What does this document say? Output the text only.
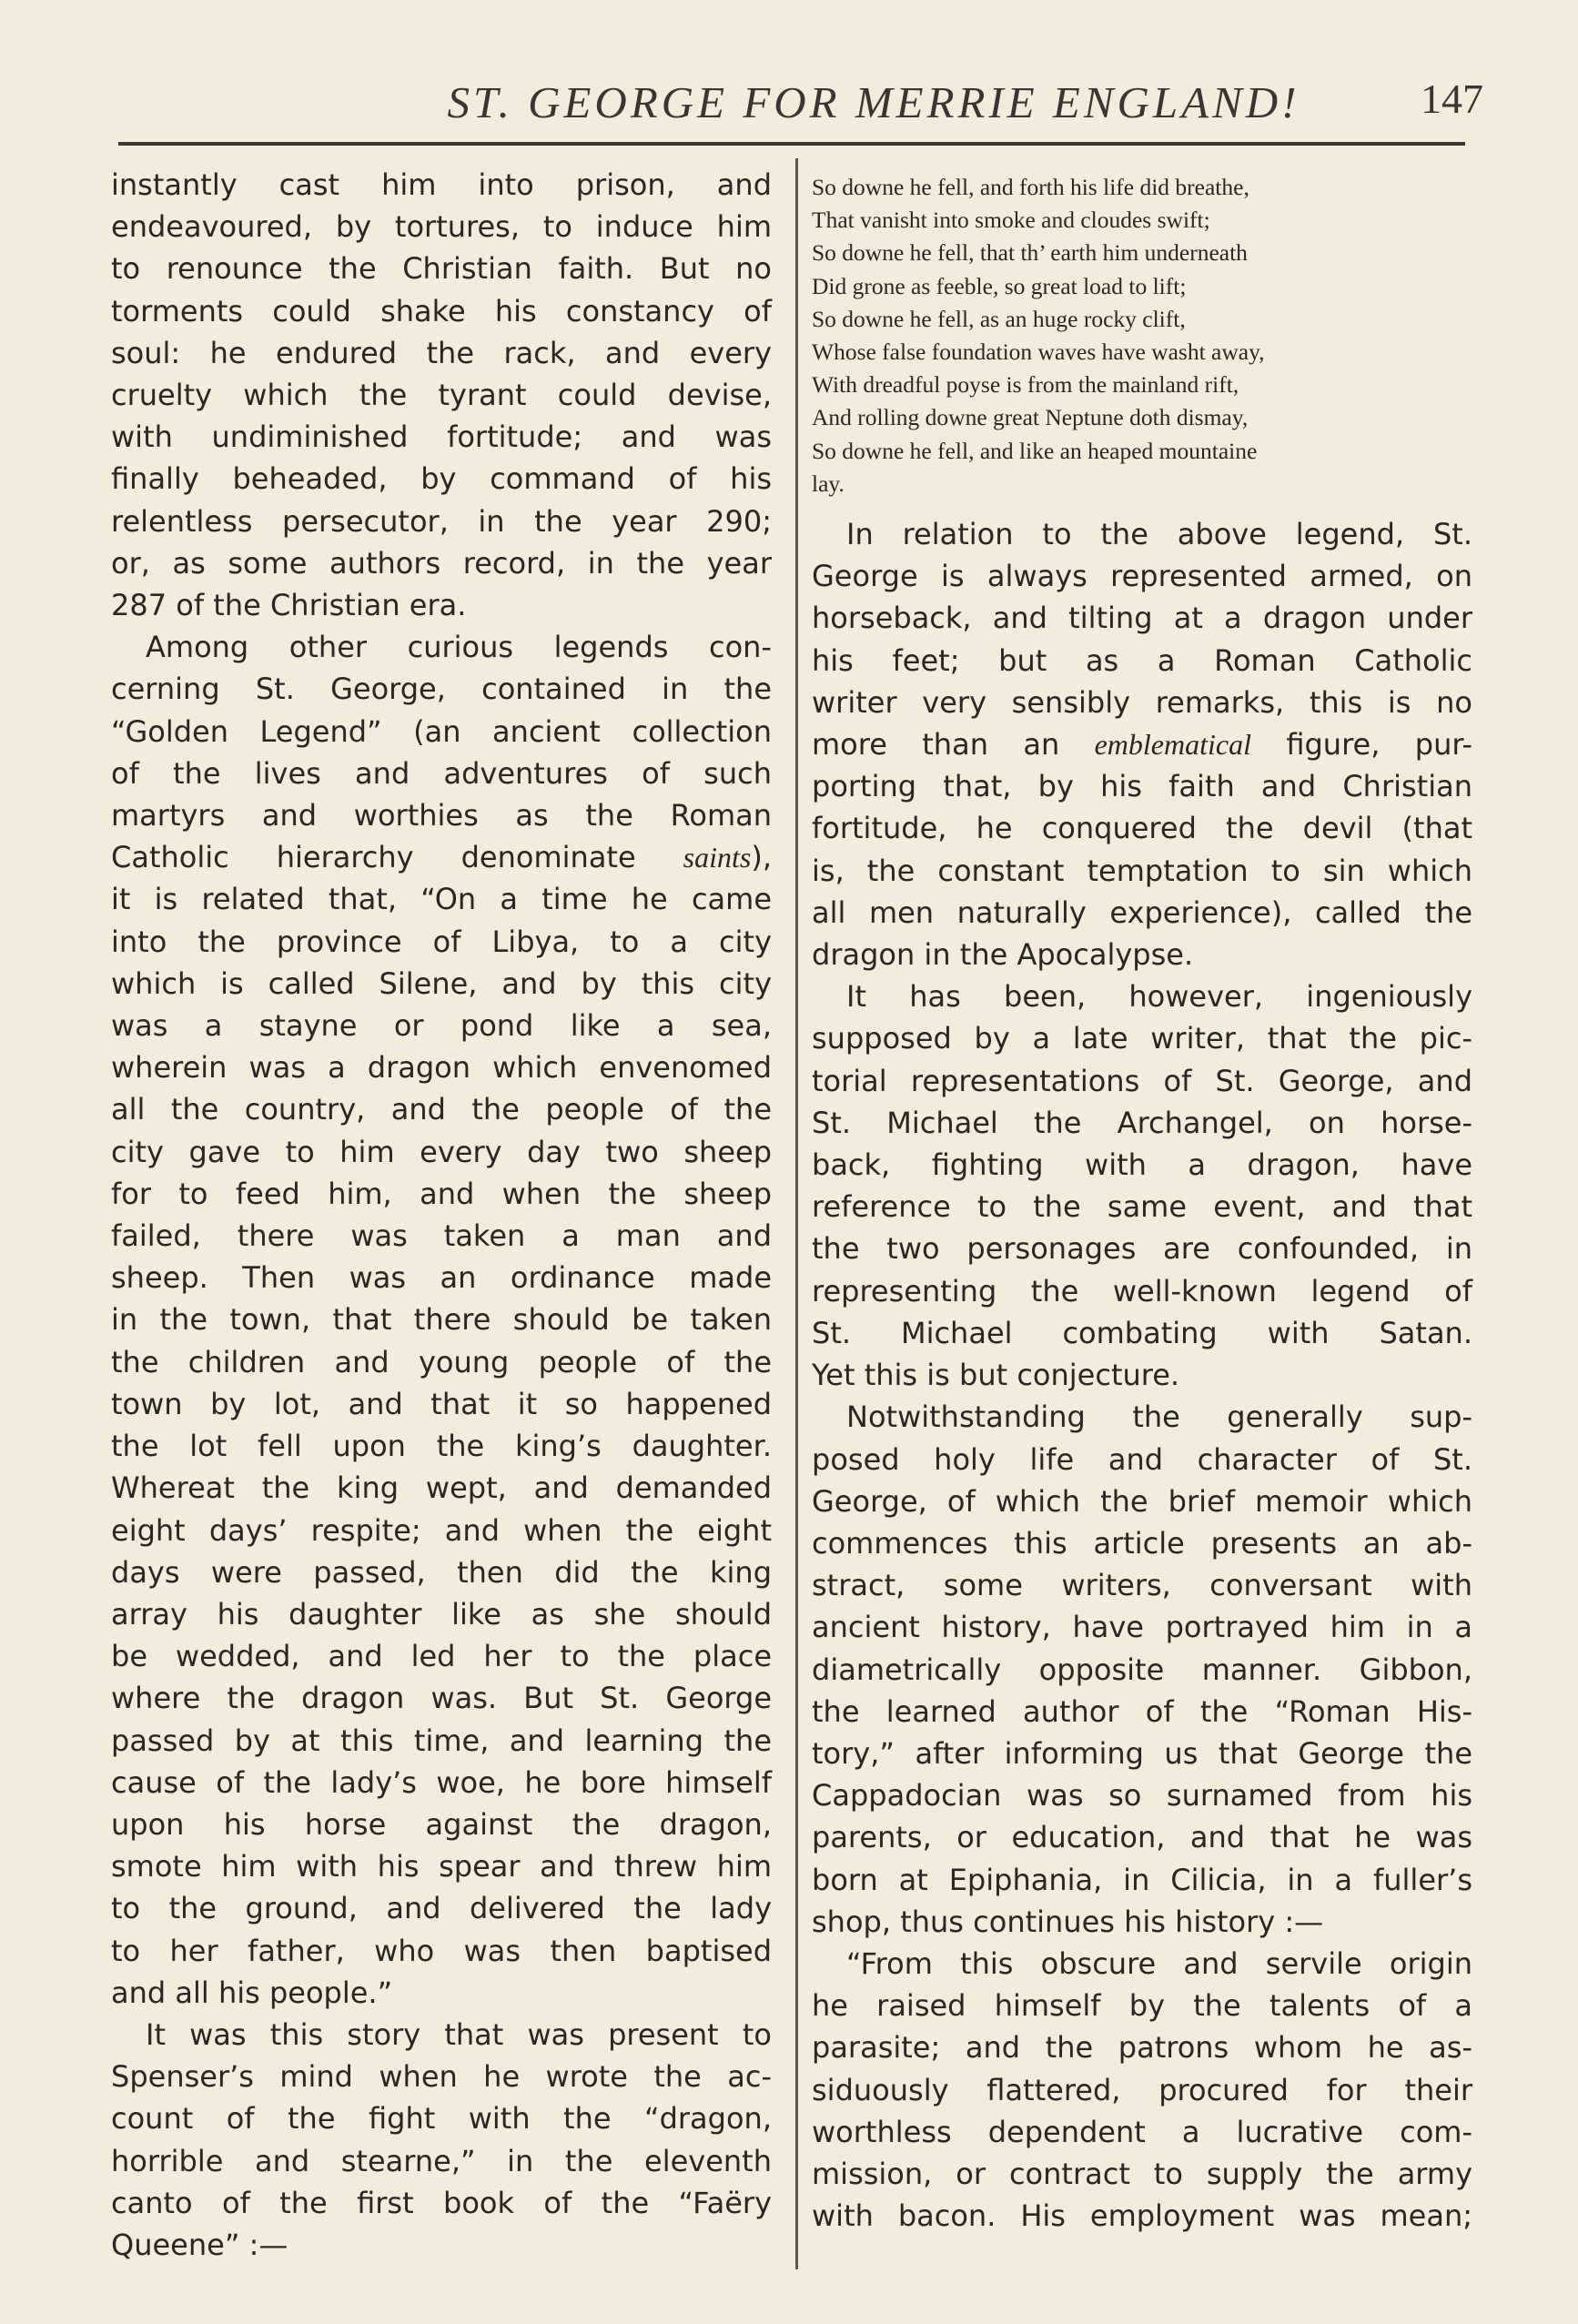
ST. GEORGE FOR MERRIE ENGLAND!	147
instantly cast him into prison, and
endeavoured, by tortures, to induce him
to renounce the Christian faith. But no
torments could shake his constancy of
soul: he endured the rack, and every
cruelty which the tyrant could devise,
with undiminished fortitude; and was
finally beheaded, by command of his
relentless persecutor, in the year 290;
or, as some authors record, in the year
287 of the Christian era.
Among other curious legends con-
cerning St. George, contained in the
“Golden Legend” (an ancient collection
of the lives and adventures of such
martyrs and worthies as the Roman
Catholic hierarchy denominate saints),
it is related that, “On a time he came
into the province of Libya, to a city
which is called Silene, and by this city
was a stayne or pond like a sea,
wherein was a dragon which envenomed
all the country, and the people of the
city gave to him every day two sheep
for to feed him, and when the sheep
failed, there was taken a man and
sheep. Then was an ordinance made
in the town, that there should be taken
the children and young people of the
town by lot, and that it so happened
the lot fell upon the king’s daughter.
Whereat the king wept, and demanded
eight days’ respite; and when the eight
days were passed, then did the king
array his daughter like as she should
be wedded, and led her to the place
where the dragon was. But St. George
passed by at this time, and learning the
cause of the lady’s woe, he bore himself
upon his horse against the dragon,
smote him with his spear and threw him
to the ground, and delivered the lady
to her father, who was then baptised
and all his people.”
It was this story that was present to
Spenser’s mind when he wrote the ac-
count of the fight with the “dragon,
horrible and stearne,” in the eleventh
canto of the first book of the “Faëry
Queene” :—
So downe he fell, and forth his life did breathe,
That vanisht into smoke and cloudes swift;
So downe he fell, that th’ earth him underneath
Did grone as feeble, so great load to lift;
So downe he fell, as an huge rocky clift,
Whose false foundation waves have washt away,
With dreadful poyse is from the mainland rift,
And rolling downe great Neptune doth dismay,
So downe he fell, and like an heaped mountaine
lay.
In relation to the above legend, St.
George is always represented armed, on
horseback, and tilting at a dragon under
his feet; but as a Roman Catholic
writer very sensibly remarks, this is no
more than an emblematical figure, pur-
porting that, by his faith and Christian
fortitude, he conquered the devil (that
is, the constant temptation to sin which
all men naturally experience), called the
dragon in the Apocalypse.
It has been, however, ingeniously
supposed by a late writer, that the pic-
torial representations of St. George, and
St. Michael the Archangel, on horse-
back, fighting with a dragon, have
reference to the same event, and that
the two personages are confounded, in
representing the well-known legend of
St. Michael combating with Satan.
Yet this is but conjecture.
Notwithstanding the generally sup-
posed holy life and character of St.
George, of which the brief memoir which
commences this article presents an ab-
stract, some writers, conversant with
ancient history, have portrayed him in a
diametrically opposite manner. Gibbon,
the learned author of the “Roman His-
tory,” after informing us that George the
Cappadocian was so surnamed from his
parents, or education, and that he was
born at Epiphania, in Cilicia, in a fuller’s
shop, thus continues his history :—
“From this obscure and servile origin
he raised himself by the talents of a
parasite; and the patrons whom he as-
siduously flattered, procured for their
worthless dependent a lucrative com-
mission, or contract to supply the army
with bacon. His employment was mean;
